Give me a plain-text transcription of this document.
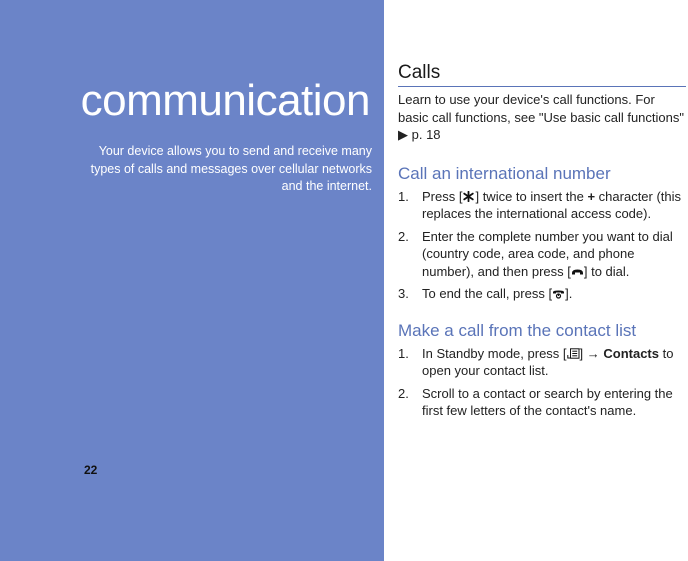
communication
Your device allows you to send and receive many types of calls and messages over cellular networks and the internet.
22
Calls

Learn to use your device's call functions. For basic call functions, see "Use basic call functions" ▶ p. 18

Call an international number
1.	Press [ ] twice to insert the + character (this replaces the international access code).
2.	Enter the complete number you want to dial (country code, area code, and phone number), and then press [ ] to dial.
3.	To end the call, press [ ].
Make a call from the contact list
1.	In Standby mode, press [ ] → Contacts to open your contact list.
2.	Scroll to a contact or search by entering the first few letters of the contact's name.
